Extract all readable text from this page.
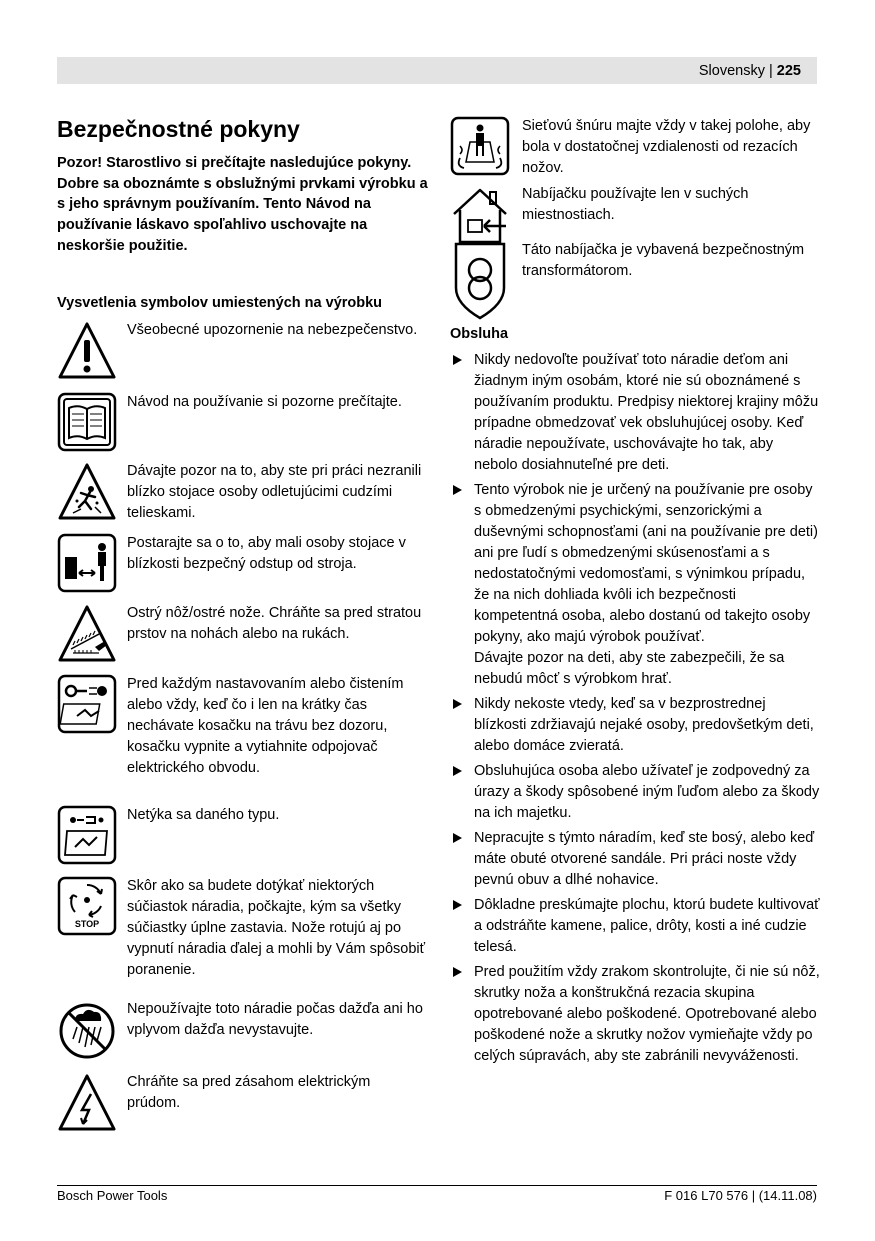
Slovensky | 225
Bezpečnostné pokyny
Pozor! Starostlivo si prečítajte nasledujúce pokyny. Dobre sa oboznámte s obslužnými prvkami výrobku a s jeho správnym používaním. Tento Návod na používanie láskavo spoľahlivo uschovajte na neskoršie použitie.
Vysvetlenia symbolov umiestených na výrobku
Všeobecné upozornenie na nebezpečenstvo.
Návod na používanie si pozorne prečítajte.
Dávajte pozor na to, aby ste pri práci nezranili blízko stojace osoby odletujúcimi cudzími telieskami.
Postarajte sa o to, aby mali osoby stojace v blízkosti bezpečný odstup od stroja.
Ostrý nôž/ostré nože. Chráňte sa pred stratou prstov na nohách alebo na rukách.
Pred každým nastavovaním alebo čistením alebo vždy, keď čo i len na krátky čas nechávate kosačku na trávu bez dozoru, kosačku vypnite a vytiahnite odpojovač elektrického obvodu.
Netýka sa daného typu.
STOP
Skôr ako sa budete dotýkať niektorých súčiastok náradia, počkajte, kým sa všetky súčiastky úplne zastavia. Nože rotujú aj po vypnutí náradia ďalej a mohli by Vám spôsobiť poranenie.
Nepoužívajte toto náradie počas dažďa ani ho vplyvom dažďa nevystavujte.
Chráňte sa pred zásahom elektrickým prúdom.
Sieťovú šnúru majte vždy v takej polohe, aby bola v dostatočnej vzdialenosti od rezacích nožov.
Nabíjačku používajte len v suchých miestnostiach.
Táto nabíjačka je vybavená bezpečnostným transformátorom.
Obsluha
Nikdy nedovoľte používať toto náradie deťom ani žiadnym iným osobám, ktoré nie sú oboznámené s používaním produktu. Predpisy niektorej krajiny môžu prípadne obmedzovať vek obsluhujúcej osoby. Keď náradie nepoužívate, uschovávajte ho tak, aby nebolo dosiahnuteľné pre deti.
Tento výrobok nie je určený na používanie pre osoby s obmedzenými psychickými, senzorickými a duševnými schopnosťami (ani na používanie pre deti) ani pre ľudí s obmedzenými skúsenosťami a s nedostatočnými vedomosťami, s výnimkou prípadu, že na nich dohliada kvôli ich bezpečnosti kompetentná osoba, alebo dostanú od takejto osoby pokyny, ako majú výrobok používať.
Dávajte pozor na deti, aby ste zabezpečili, že sa nebudú môcť s výrobkom hrať.
Nikdy nekoste vtedy, keď sa v bezprostrednej blízkosti zdržiavajú nejaké osoby, predovšetkým deti, alebo domáce zvieratá.
Obsluhujúca osoba alebo užívateľ je zodpovedný za úrazy a škody spôsobené iným ľuďom alebo za škody na ich majetku.
Nepracujte s týmto náradím, keď ste bosý, alebo keď máte obuté otvorené sandále. Pri práci noste vždy pevnú obuv a dlhé nohavice.
Dôkladne preskúmajte plochu, ktorú budete kultivovať a odstráňte kamene, palice, drôty, kosti a iné cudzie telesá.
Pred použitím vždy zrakom skontrolujte, či nie sú nôž, skrutky noža a konštrukčná rezacia skupina opotrebované alebo poškodené. Opotrebované alebo poškodené nože a skrutky nožov vymieňajte vždy po celých súpravách, aby ste zabránili nevyváženosti.
Bosch Power Tools	F 016 L70 576 | (14.11.08)
